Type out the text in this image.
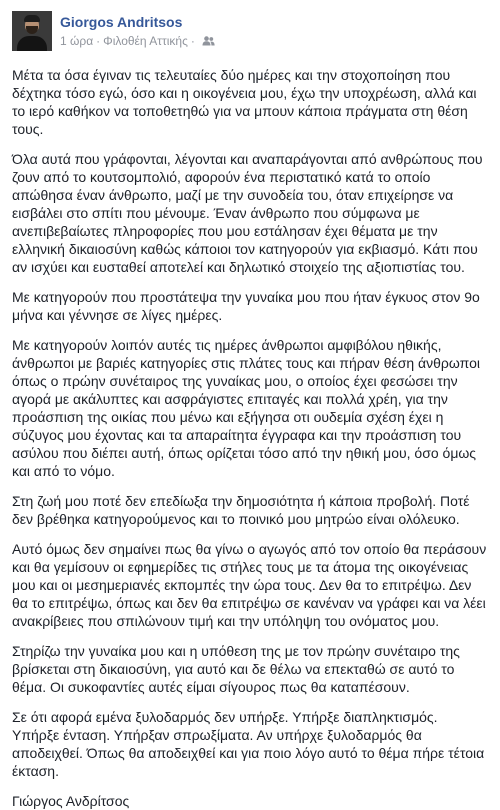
Giorgos Andritsos
1 ώρα · Φιλοθέη Αττικής ·

Μέτα τα όσα έγιναν τις τελευταίες δύο ημέρες και την στοχοποίηση που δέχτηκα τόσο εγώ, όσο και η οικογένεια μου, έχω την υποχρέωση, αλλά και το ιερό καθήκον να τοποθετηθώ για να μπουν κάποια πράγματα στη θέση τους.

Όλα αυτά που γράφονται, λέγονται και αναπαράγονται από ανθρώπους που ζουν από το κουτσομπολιό, αφορούν ένα περιστατικό κατά το οποίο απώθησα έναν άνθρωπο, μαζί με την συνοδεία του, όταν επιχείρησε να εισβάλει στο σπίτι που μένουμε. Έναν άνθρωπο που σύμφωνα με ανεπιβεβαίωτες πληροφορίες που μου εστάλησαν έχει θέματα με την ελληνική δικαιοσύνη καθώς κάποιοι τον κατηγορούν για εκβιασμό. Κάτι που αν ισχύει και ευσταθεί αποτελεί και δηλωτικό στοιχείο της αξιοπιστίας του.

Με κατηγορούν που προστάτεψα την γυναίκα μου που ήταν έγκυος στον 9ο μήνα και γέννησε σε λίγες ημέρες.

Με κατηγορούν λοιπόν αυτές τις ημέρες άνθρωποι αμφιβόλου ηθικής, άνθρωποι με βαριές κατηγορίες στις πλάτες τους και πήραν θέση άνθρωποι όπως ο πρώην συνέταιρος της γυναίκας μου, ο οποίος έχει φεσώσει την αγορά με ακάλυπτες και ασφράγιστες επιταγές και πολλά χρέη, για την προάσπιση της οικίας που μένω και εξήγησα οτι ουδεμία σχέση έχει η σύζυγος μου έχοντας και τα απαραίτητα έγγραφα και την προάσπιση του ασύλου που διέπει αυτή, όπως ορίζεται τόσο από την ηθική μου, όσο όμως και από το νόμο.

Στη ζωή μου ποτέ δεν επεδίωξα την δημοσιότητα ή κάποια προβολή. Ποτέ δεν βρέθηκα κατηγορούμενος και το ποινικό μου μητρώο είναι ολόλευκο.

Αυτό όμως δεν σημαίνει πως θα γίνω ο αγωγός από τον οποίο θα περάσουν και θα γεμίσουν οι εφημερίδες τις στήλες τους με τα άτομα της οικογένειας μου και οι μεσημεριανές εκπομπές την ώρα τους. Δεν θα το επιτρέψω. Δεν θα το επιτρέψω, όπως και δεν θα επιτρέψω σε κανέναν να γράφει και να λέει ανακρίβειες που σπιλώνουν τιμή και την υπόληψη του ονόματος μου.

Στηρίζω την γυναίκα μου και η υπόθεση της με τον πρώην συνέταιρο της βρίσκεται στη δικαιοσύνη, για αυτό και δε θέλω να επεκταθώ σε αυτό το θέμα. Οι συκοφαντίες αυτές είμαι σίγουρος πως θα καταπέσουν.

Σε ότι αφορά εμένα ξυλοδαρμός δεν υπήρξε. Υπήρξε διαπληκτισμός. Υπήρξε ένταση. Υπήρξαν σπρωξίματα. Αν υπήρχε ξυλοδαρμός θα αποδειχθεί. Όπως θα αποδειχθεί και για ποιο λόγο αυτό το θέμα πήρε τέτοια έκταση.

Γιώργος Ανδρίτσος
